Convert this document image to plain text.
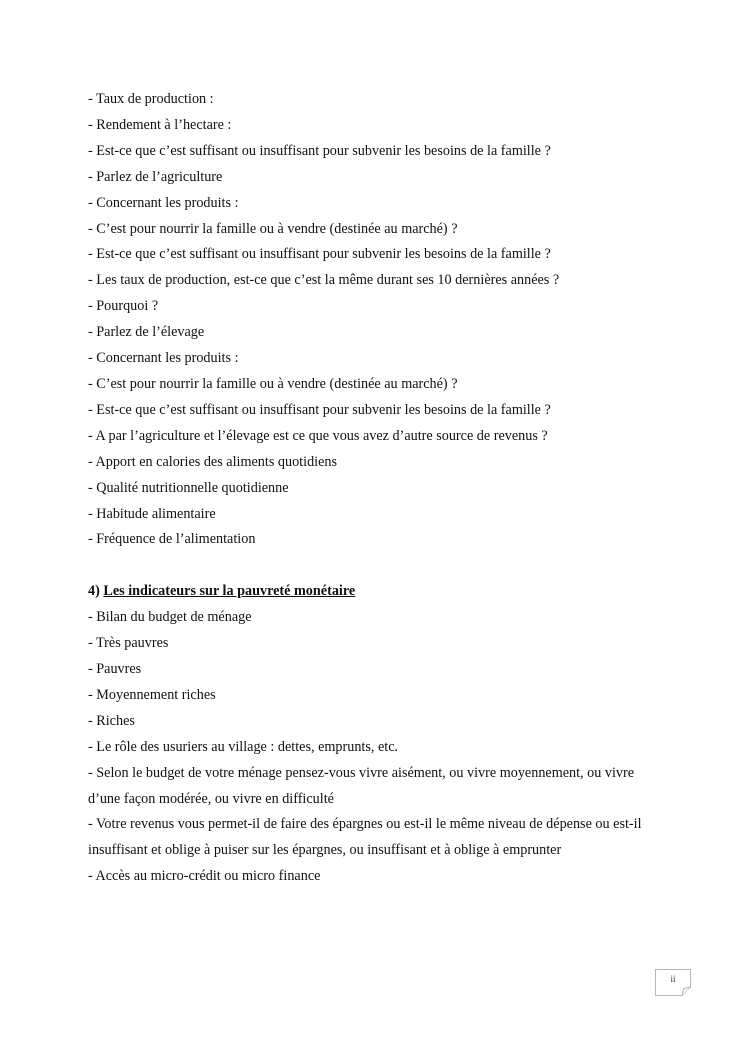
- Taux de production :
- Rendement à l’hectare :
- Est-ce que c’est suffisant ou insuffisant pour subvenir les besoins de la famille ?
- Parlez de l’agriculture
- Concernant les produits :
- C’est pour nourrir la famille ou à vendre (destinée au marché) ?
- Est-ce que c’est suffisant ou insuffisant pour subvenir les besoins de la famille ?
- Les taux de production, est-ce que c’est la même durant ses 10 dernières années ?
- Pourquoi ?
- Parlez de l’élevage
- Concernant les produits :
- C’est pour nourrir la famille ou à vendre (destinée au marché) ?
- Est-ce que c’est suffisant ou insuffisant pour subvenir les besoins de la famille ?
- A par l’agriculture et l’élevage est ce que vous avez d’autre source de revenus ?
- Apport en calories des aliments quotidiens
- Qualité nutritionnelle quotidienne
- Habitude alimentaire
- Fréquence de l’alimentation
4) Les indicateurs sur la pauvreté monétaire
- Bilan du budget de ménage
- Très pauvres
- Pauvres
- Moyennement riches
- Riches
- Le rôle des usuriers au village : dettes, emprunts, etc.
- Selon le budget de votre ménage pensez-vous vivre aisément, ou vivre moyennement, ou vivre d’une façon modérée, ou vivre en difficulté
- Votre revenus vous permet-il de faire des épargnes ou est-il le même niveau de dépense ou est-il insuffisant et oblige à puiser sur les épargnes, ou insuffisant et à oblige à emprunter
- Accès au micro-crédit ou micro finance
ii
